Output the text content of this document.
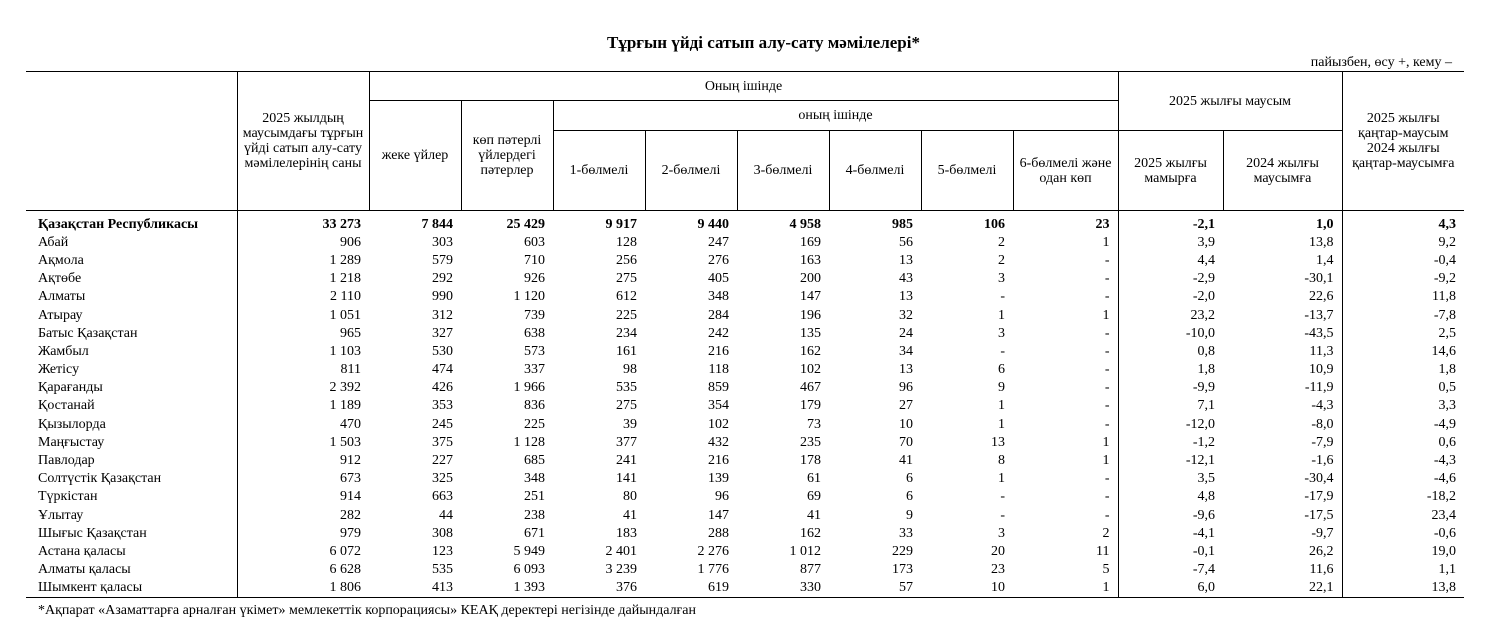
Тұрғын үйді сатып алу-сату мәмілелері*
пайызбен, өсу +, кему –
	2025 жылдың маусымдағы тұрғын үйді сатып алу-сату мәмілелерінің саны	Оның ішінде								2025 жылғы маусым		2025 жылғы қаңтар-маусым 2024 жылғы қаңтар-маусымға
		жеке үйлер	көп пәтерлі үйлердегі пәтерлер	оның ішінде								
				1-бөлмелі	2-бөлмелі	3-бөлмелі	4-бөлмелі	5-бөлмелі	6-бөлмелі және одан көп	2025 жылғы мамырға	2024 жылғы маусымға	
Қазақстан Республикасы	33 273	7 844	25 429	9 917	9 440	4 958	985	106	23	-2,1	1,0	4,3
Абай	906	303	603	128	247	169	56	2	1	3,9	13,8	9,2
Ақмола	1 289	579	710	256	276	163	13	2	-	4,4	1,4	-0,4
Ақтөбе	1 218	292	926	275	405	200	43	3	-	-2,9	-30,1	-9,2
Алматы	2 110	990	1 120	612	348	147	13	-	-	-2,0	22,6	11,8
Атырау	1 051	312	739	225	284	196	32	1	1	23,2	-13,7	-7,8
Батыс Қазақстан	965	327	638	234	242	135	24	3	-	-10,0	-43,5	2,5
Жамбыл	1 103	530	573	161	216	162	34	-	-	0,8	11,3	14,6
Жетісу	811	474	337	98	118	102	13	6	-	1,8	10,9	1,8
Қарағанды	2 392	426	1 966	535	859	467	96	9	-	-9,9	-11,9	0,5
Қостанай	1 189	353	836	275	354	179	27	1	-	7,1	-4,3	3,3
Қызылорда	470	245	225	39	102	73	10	1	-	-12,0	-8,0	-4,9
Маңғыстау	1 503	375	1 128	377	432	235	70	13	1	-1,2	-7,9	0,6
Павлодар	912	227	685	241	216	178	41	8	1	-12,1	-1,6	-4,3
Солтүстік Қазақстан	673	325	348	141	139	61	6	1	-	3,5	-30,4	-4,6
Түркістан	914	663	251	80	96	69	6	-	-	4,8	-17,9	-18,2
Ұлытау	282	44	238	41	147	41	9	-	-	-9,6	-17,5	23,4
Шығыс Қазақстан	979	308	671	183	288	162	33	3	2	-4,1	-9,7	-0,6
Астана қаласы	6 072	123	5 949	2 401	2 276	1 012	229	20	11	-0,1	26,2	19,0
Алматы қаласы	6 628	535	6 093	3 239	1 776	877	173	23	5	-7,4	11,6	1,1
Шымкент қаласы	1 806	413	1 393	376	619	330	57	10	1	6,0	22,1	13,8
*Ақпарат «Азаматтарға арналған үкімет» мемлекеттік корпорациясы» КЕАҚ деректері негізінде дайындалған
